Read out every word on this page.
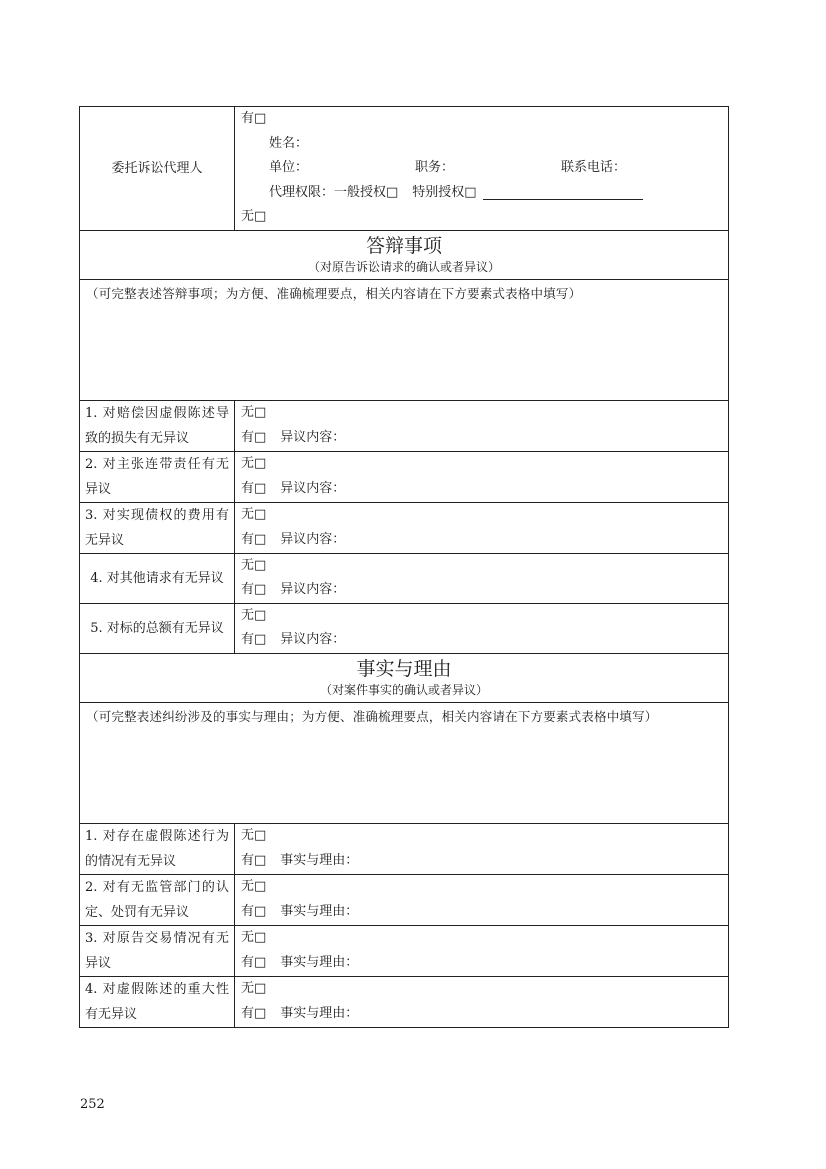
委托诉讼代理人	有□
姓名：
单位： 职务： 联系电话：
代理权限：一般授权□ 特别授权□
无□

答辩事项
（对原告诉讼请求的确认或者异议）	

（可完整表述答辩事项；为方便、准确梳理要点，相关内容请在下方要素式表格中填写）	
1. 对赔偿因虚假陈述导致的损失有无异议	无□
有□ 异议内容：

2. 对主张连带责任有无异议	无□
有□ 异议内容：

3. 对实现债权的费用有无异议	无□
有□ 异议内容：

4. 对其他请求有无异议	无□
有□ 异议内容：

5. 对标的总额有无异议	无□
有□ 异议内容：

事实与理由
（对案件事实的确认或者异议）	

（可完整表述纠纷涉及的事实与理由；为方便、准确梳理要点，相关内容请在下方要素式表格中填写）	
1. 对存在虚假陈述行为的情况有无异议	无□
有□ 事实与理由：

2. 对有无监管部门的认定、处罚有无异议	无□
有□ 事实与理由：

3. 对原告交易情况有无异议	无□
有□ 事实与理由：

4. 对虚假陈述的重大性有无异议	无□
有□ 事实与理由：
252
